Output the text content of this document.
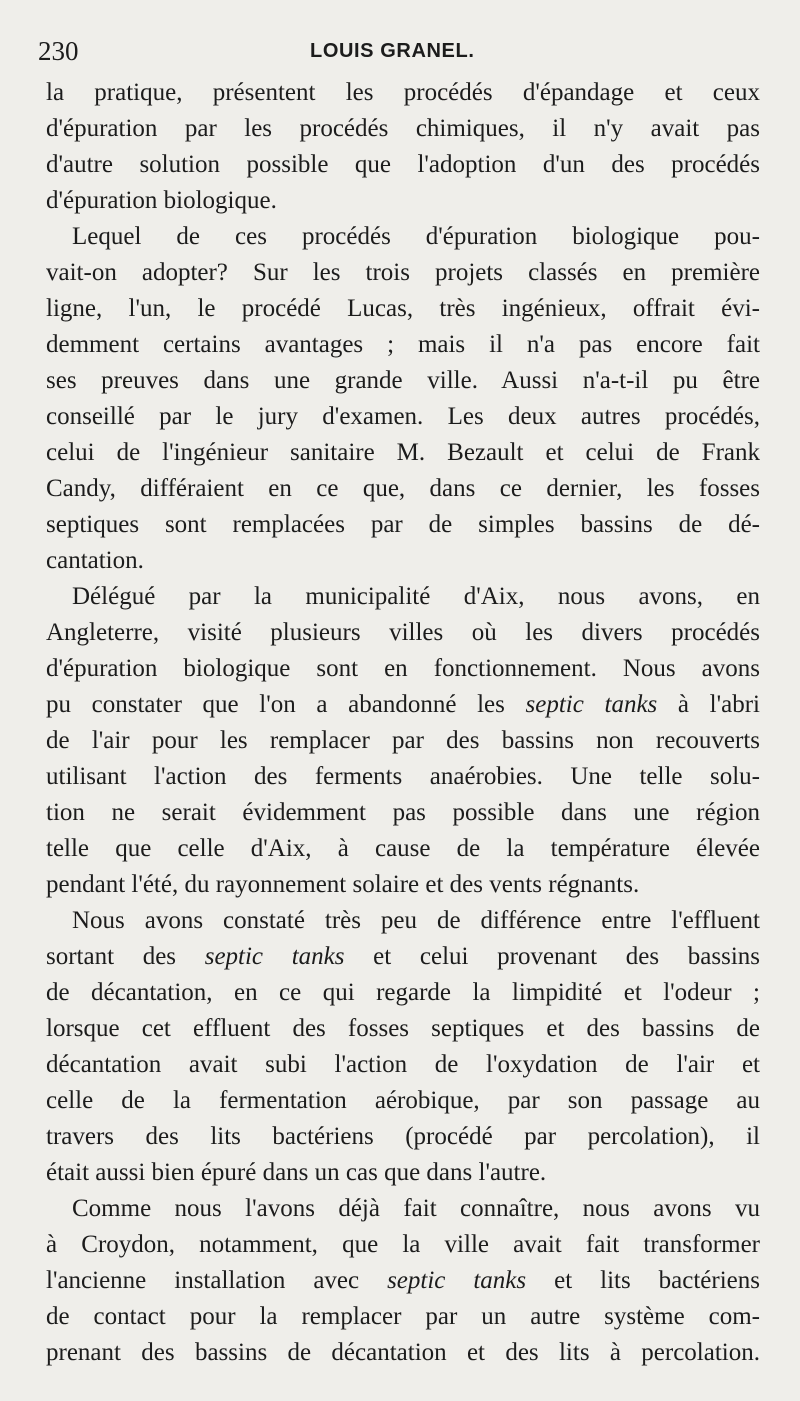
230	LOUIS GRANEL.
la pratique, présentent les procédés d'épandage et ceux
d'épuration par les procédés chimiques, il n'y avait pas
d'autre solution possible que l'adoption d'un des procédés
d'épuration biologique.
Lequel de ces procédés d'épuration biologique pou-
vait-on adopter? Sur les trois projets classés en première
ligne, l'un, le procédé Lucas, très ingénieux, offrait évi-
demment certains avantages ; mais il n'a pas encore fait
ses preuves dans une grande ville. Aussi n'a-t-il pu être
conseillé par le jury d'examen. Les deux autres procédés,
celui de l'ingénieur sanitaire M. Bezault et celui de Frank
Candy, différaient en ce que, dans ce dernier, les fosses
septiques sont remplacées par de simples bassins de dé-
cantation.
Délégué par la municipalité d'Aix, nous avons, en
Angleterre, visité plusieurs villes où les divers procédés
d'épuration biologique sont en fonctionnement. Nous avons
pu constater que l'on a abandonné les septic tanks à l'abri
de l'air pour les remplacer par des bassins non recouverts
utilisant l'action des ferments anaérobies. Une telle solu-
tion ne serait évidemment pas possible dans une région
telle que celle d'Aix, à cause de la température élevée
pendant l'été, du rayonnement solaire et des vents régnants.
Nous avons constaté très peu de différence entre l'effluent
sortant des septic tanks et celui provenant des bassins
de décantation, en ce qui regarde la limpidité et l'odeur ;
lorsque cet effluent des fosses septiques et des bassins de
décantation avait subi l'action de l'oxydation de l'air et
celle de la fermentation aérobique, par son passage au
travers des lits bactériens (procédé par percolation), il
était aussi bien épuré dans un cas que dans l'autre.
Comme nous l'avons déjà fait connaître, nous avons vu
à Croydon, notamment, que la ville avait fait transformer
l'ancienne installation avec septic tanks et lits bactériens
de contact pour la remplacer par un autre système com-
prenant des bassins de décantation et des lits à percolation.
